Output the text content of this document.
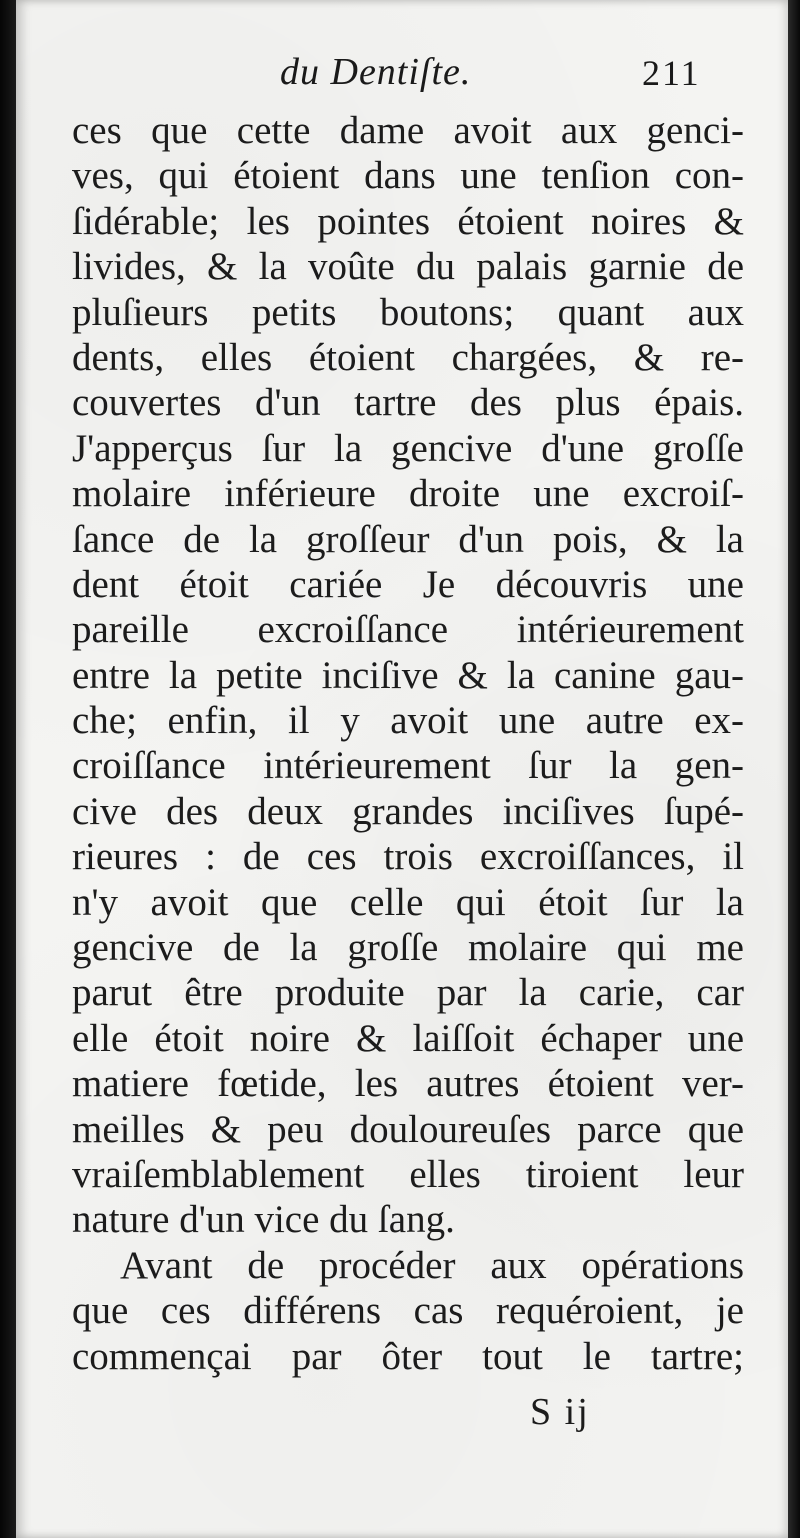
du Dentiſte.	211
ces que cette dame avoit aux genci-
ves, qui étoient dans une tenſion con-
ſidérable; les pointes étoient noires &
livides, & la voûte du palais garnie de
pluſieurs petits boutons; quant aux
dents, elles étoient chargées, & re-
couvertes d'un tartre des plus épais.
J'apperçus ſur la gencive d'une groſſe
molaire inférieure droite une excroiſ-
ſance de la groſſeur d'un pois, & la
dent étoit cariée Je découvris une
pareille excroiſſance intérieurement
entre la petite inciſive & la canine gau-
che; enfin, il y avoit une autre ex-
croiſſance intérieurement ſur la gen-
cive des deux grandes inciſives ſupé-
rieures : de ces trois excroiſſances, il
n'y avoit que celle qui étoit ſur la
gencive de la groſſe molaire qui me
parut être produite par la carie, car
elle étoit noire & laiſſoit échaper une
matiere fœtide, les autres étoient ver-
meilles & peu douloureuſes parce que
vraiſemblablement elles tiroient leur
nature d'un vice du ſang.
Avant de procéder aux opérations
que ces différens cas requéroient, je
commençai par ôter tout le tartre;
S ij
